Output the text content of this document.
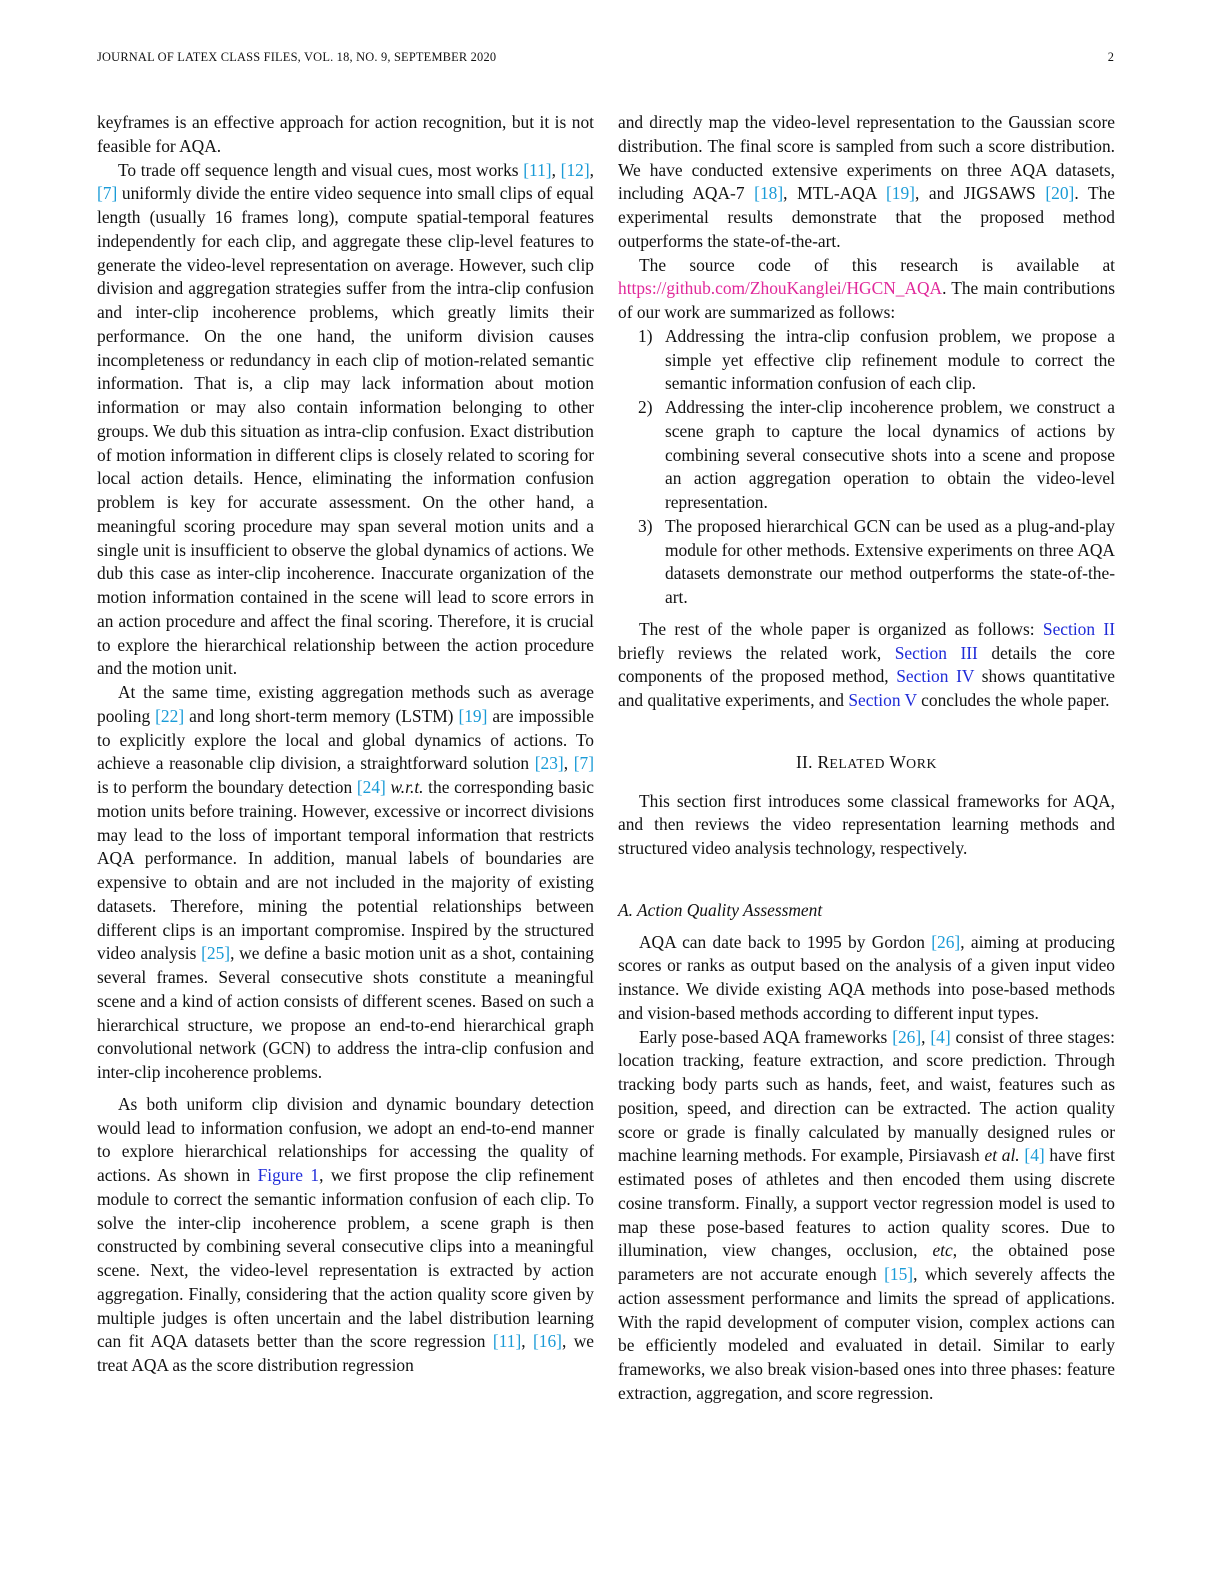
JOURNAL OF LATEX CLASS FILES, VOL. 18, NO. 9, SEPTEMBER 2020	2

keyframes is an effective approach for action recognition, but it is not feasible for AQA.

To trade off sequence length and visual cues, most works [11], [12], [7] uniformly divide the entire video sequence into small clips of equal length (usually 16 frames long), compute spatial-temporal features independently for each clip, and aggregate these clip-level features to generate the video-level representation on average. However, such clip division and aggregation strategies suffer from the intra-clip confusion and inter-clip incoherence problems, which greatly limits their performance. On the one hand, the uniform division causes incompleteness or redundancy in each clip of motion-related semantic information. That is, a clip may lack information about motion information or may also contain information belonging to other groups. We dub this situation as intra-clip confusion. Exact distribution of motion information in different clips is closely related to scoring for local action details. Hence, eliminating the information confusion problem is key for accurate assessment. On the other hand, a meaningful scoring procedure may span several motion units and a single unit is insufficient to observe the global dynamics of actions. We dub this case as inter-clip incoherence. Inaccurate organization of the motion information contained in the scene will lead to score errors in an action procedure and affect the final scoring. Therefore, it is crucial to explore the hierarchical relationship between the action procedure and the motion unit.

At the same time, existing aggregation methods such as average pooling [22] and long short-term memory (LSTM) [19] are impossible to explicitly explore the local and global dynamics of actions. To achieve a reasonable clip division, a straightforward solution [23], [7] is to perform the boundary detection [24] w.r.t. the corresponding basic motion units before training. However, excessive or incorrect divisions may lead to the loss of important temporal information that restricts AQA performance. In addition, manual labels of boundaries are expensive to obtain and are not included in the majority of existing datasets. Therefore, mining the potential relationships between different clips is an important compromise. Inspired by the structured video analysis [25], we define a basic motion unit as a shot, containing several frames. Several consecutive shots constitute a meaningful scene and a kind of action consists of different scenes. Based on such a hierarchical structure, we propose an end-to-end hierarchical graph convolutional network (GCN) to address the intra-clip confusion and inter-clip incoherence problems.

As both uniform clip division and dynamic boundary detection would lead to information confusion, we adopt an end-to-end manner to explore hierarchical relationships for accessing the quality of actions. As shown in Figure 1, we first propose the clip refinement module to correct the semantic information confusion of each clip. To solve the inter-clip incoherence problem, a scene graph is then constructed by combining several consecutive clips into a meaningful scene. Next, the video-level representation is extracted by action aggregation. Finally, considering that the action quality score given by multiple judges is often uncertain and the label distribution learning can fit AQA datasets better than the score regression [11], [16], we treat AQA as the score distribution regression

and directly map the video-level representation to the Gaussian score distribution. The final score is sampled from such a score distribution. We have conducted extensive experiments on three AQA datasets, including AQA-7 [18], MTL-AQA [19], and JIGSAWS [20]. The experimental results demonstrate that the proposed method outperforms the state-of-the-art.

The source code of this research is available at https://github.com/ZhouKanglei/HGCN_AQA. The main contributions of our work are summarized as follows:

1) Addressing the intra-clip confusion problem, we propose a simple yet effective clip refinement module to correct the semantic information confusion of each clip.
2) Addressing the inter-clip incoherence problem, we construct a scene graph to capture the local dynamics of actions by combining several consecutive shots into a scene and propose an action aggregation operation to obtain the video-level representation.
3) The proposed hierarchical GCN can be used as a plug-and-play module for other methods. Extensive experiments on three AQA datasets demonstrate our method outperforms the state-of-the-art.

The rest of the whole paper is organized as follows: Section II briefly reviews the related work, Section III details the core components of the proposed method, Section IV shows quantitative and qualitative experiments, and Section V concludes the whole paper.

II. RELATED WORK

This section first introduces some classical frameworks for AQA, and then reviews the video representation learning methods and structured video analysis technology, respectively.

A. Action Quality Assessment

AQA can date back to 1995 by Gordon [26], aiming at producing scores or ranks as output based on the analysis of a given input video instance. We divide existing AQA methods into pose-based methods and vision-based methods according to different input types.

Early pose-based AQA frameworks [26], [4] consist of three stages: location tracking, feature extraction, and score prediction. Through tracking body parts such as hands, feet, and waist, features such as position, speed, and direction can be extracted. The action quality score or grade is finally calculated by manually designed rules or machine learning methods. For example, Pirsiavash et al. [4] have first estimated poses of athletes and then encoded them using discrete cosine transform. Finally, a support vector regression model is used to map these pose-based features to action quality scores. Due to illumination, view changes, occlusion, etc, the obtained pose parameters are not accurate enough [15], which severely affects the action assessment performance and limits the spread of applications. With the rapid development of computer vision, complex actions can be efficiently modeled and evaluated in detail. Similar to early frameworks, we also break vision-based ones into three phases: feature extraction, aggregation, and score regression.
